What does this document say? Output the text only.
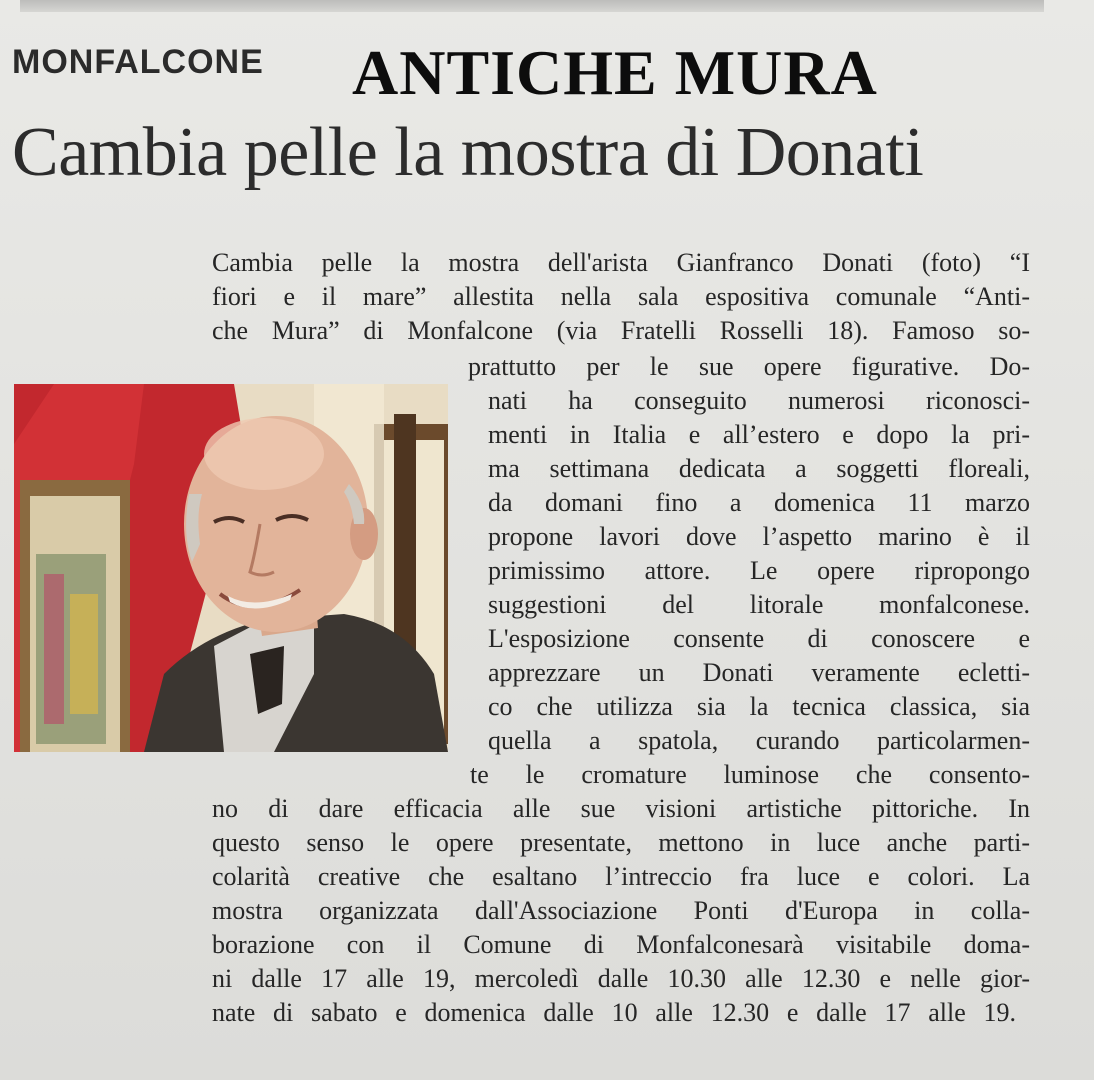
MONFALCONE ANTICHE MURA
Cambia pelle la mostra di Donati
Cambia pelle la mostra dell'arista Gianfranco Donati (foto) “I
fiori e il mare” allestita nella sala espositiva comunale “Anti-
che Mura” di Monfalcone (via Fratelli Rosselli 18). Famoso so-
prattutto per le sue opere figurative. Do-
nati ha conseguito numerosi riconosci-
menti in Italia e all’estero e dopo la pri-
ma settimana dedicata a soggetti floreali,
da domani fino a domenica 11 marzo
propone lavori dove l’aspetto marino è il
primissimo attore. Le opere ripropongo
suggestioni del litorale monfalconese.
L'esposizione consente di conoscere e
apprezzare un Donati veramente ecletti-
co che utilizza sia la tecnica classica, sia
quella a spatola, curando particolarmen-
te le cromature luminose che consento-
no di dare efficacia alle sue visioni artistiche pittoriche. In
questo senso le opere presentate, mettono in luce anche parti-
colarità creative che esaltano l’intreccio fra luce e colori. La
mostra organizzata dall'Associazione Ponti d'Europa in colla-
borazione con il Comune di Monfalconesarà visitabile doma-
ni dalle 17 alle 19, mercoledì dalle 10.30 alle 12.30 e nelle gior-
nate di sabato e domenica dalle 10 alle 12.30 e dalle 17 alle 19.
